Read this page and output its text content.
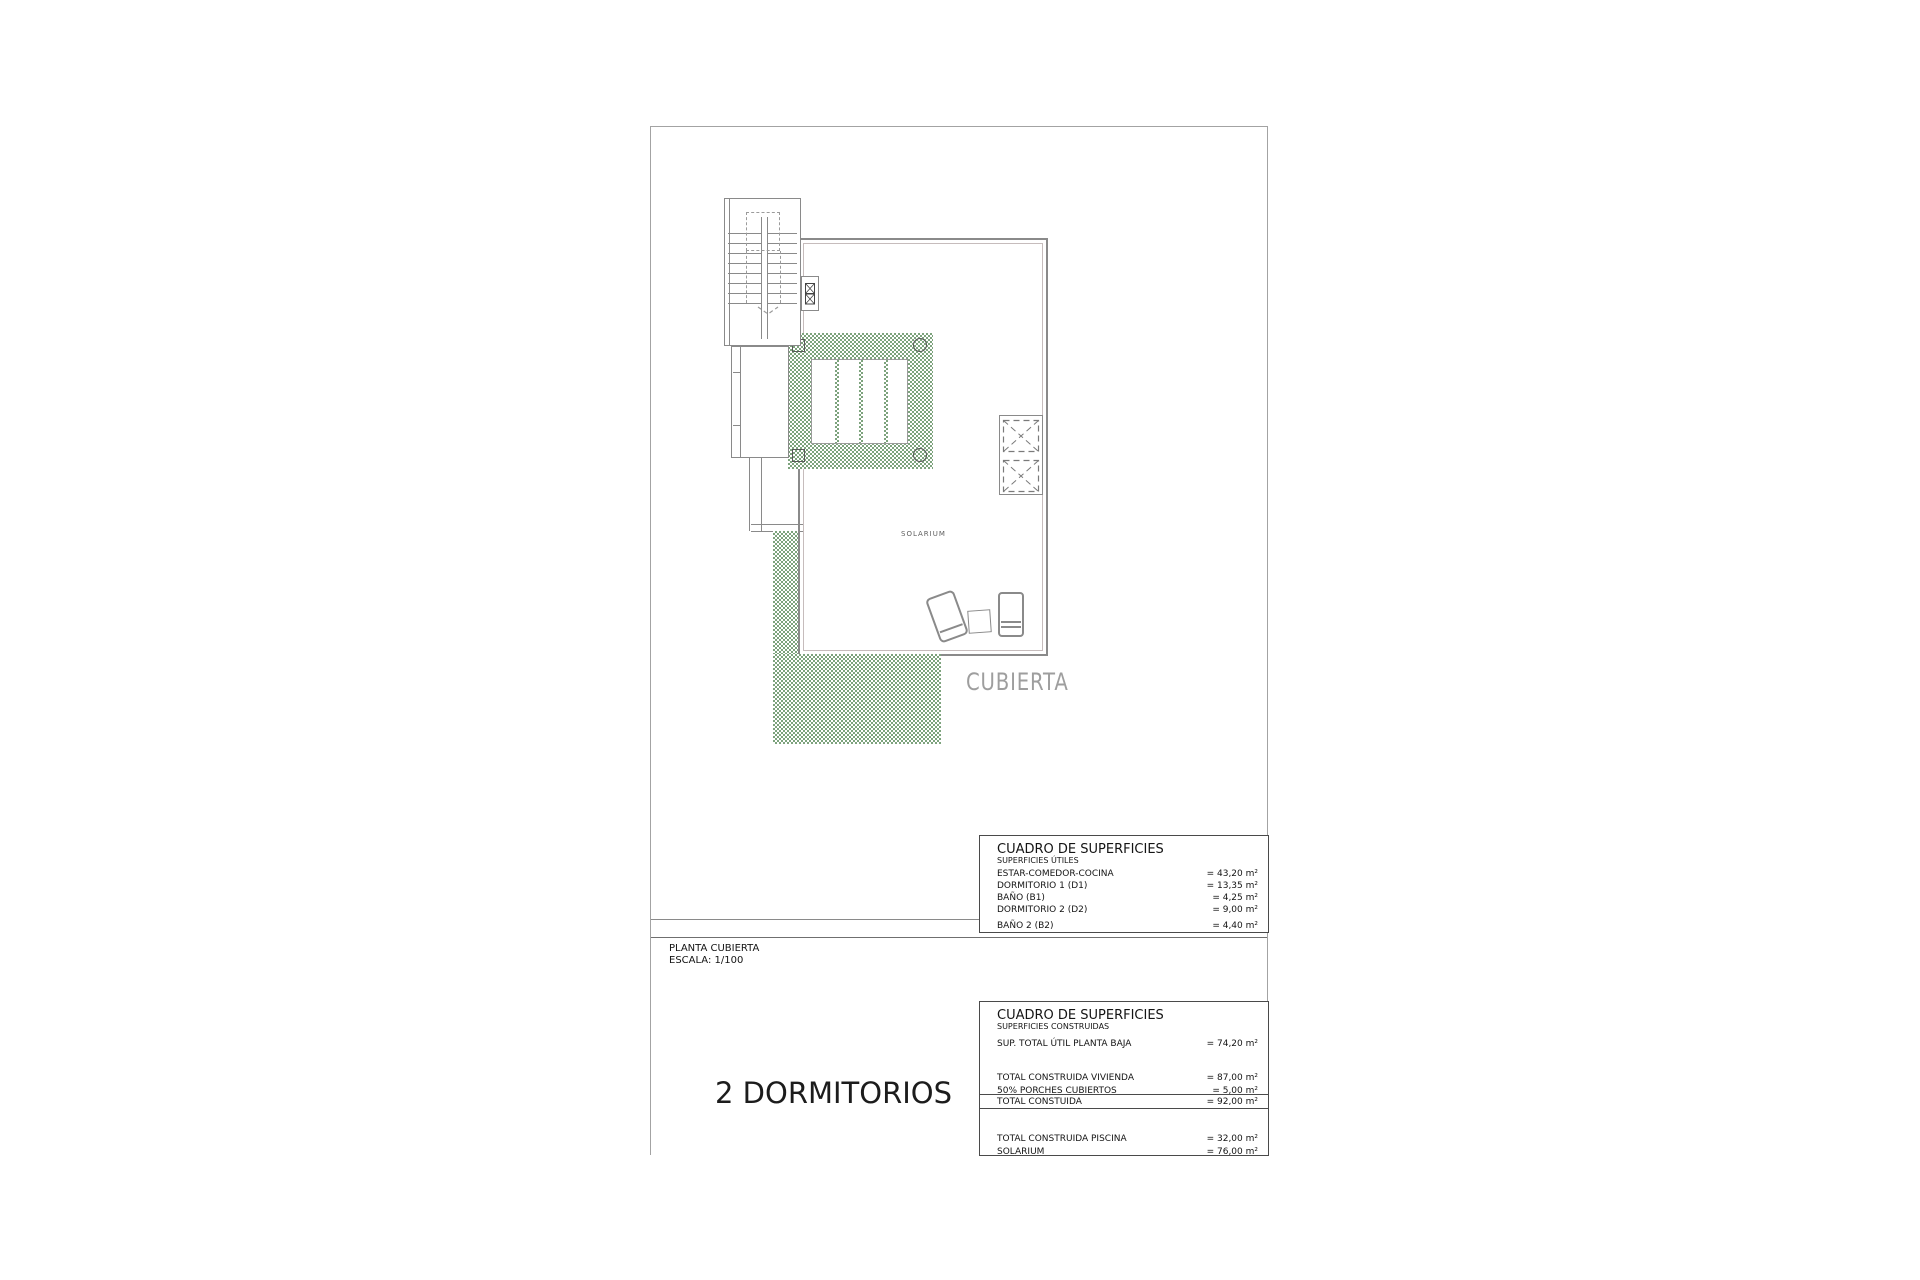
SOLARIUM
CUBIERTA
PLANTA CUBIERTA
ESCALA: 1/100
2 DORMITORIOS
CUADRO DE SUPERFICIES
SUPERFICIES ÚTILES
ESTAR-COMEDOR-COCINA	= 43,20 m²
DORMITORIO 1 (D1)	= 13,35 m²
BAÑO (B1)	= 4,25 m²
DORMITORIO 2 (D2)	= 9,00 m²
BAÑO 2 (B2)	= 4,40 m²
CUADRO DE SUPERFICIES
SUPERFICIES CONSTRUIDAS
SUP. TOTAL ÚTIL PLANTA BAJA	= 74,20 m²
TOTAL CONSTRUIDA VIVIENDA	= 87,00 m²
50% PORCHES CUBIERTOS	= 5,00 m²
TOTAL CONSTUIDA	= 92,00 m²
TOTAL CONSTRUIDA PISCINA	= 32,00 m²
SOLARIUM	= 76,00 m²
